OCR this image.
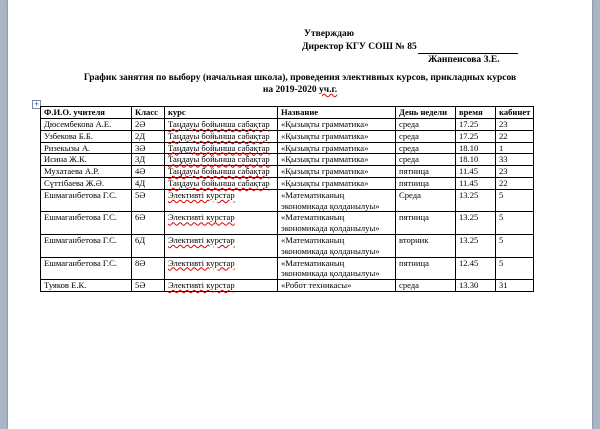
Утверждаю
Директор КГУ СОШ № 85
Жанпеисова З.Е.
График занятия по выбору (начальная школа), проведения элективных курсов, прикладных курсов
на 2019-2020 уч.г.
+
Ф.И.О. учителя	Класс	курс	Название	День недели	время	кабинет
Дюсембекова А.Е.	2Ә	Таңдауы бойынша сабақтар	«Қызықты грамматика»	среда	17.25	23
Узбекова Б.Б.	2Д	Таңдауы бойынша сабақтар	«Қызықты грамматика»	среда	17.25	22
Ризекызы А.	3Ә	Таңдауы бойынша сабақтар	«Қызықты грамматика»	среда	18.10	1
Исина Ж.К.	3Д	Таңдауы бойынша сабақтар	«Қызықты грамматика»	среда	18.10	33
Мухатаева А.Р.	4Ә	Таңдауы бойынша сабақтар	«Қызықты грамматика»	пятница	11.45	23
Сүттібаева Ж.Ә.	4Д	Таңдауы бойынша сабақтар	«Қызықты грамматика»	пятница	11.45	22
Ешмаганбетова Г.С.	5Ә	Элективті курстар	«Математиканың экономикада қолданылуы»	Среда	13.25	5
Ешмаганбетова Г.С.	6Ә	Элективті курстар	«Математиканың экономикада қолданылуы»	пятница	13.25	5
Ешмаганбетова Г.С.	6Д	Элективті курстар	«Математиканың экономикада қолданылуы»	вторник	13.25	5
Ешмаганбетова Г.С.	8Ә	Элективті курстар	«Математиканың экономикада қолданылуы»	пятница	12.45	5
Туяков Е.К.	5Ә	Элективті курстар	«Робот техникасы»	среда	13.30	31
